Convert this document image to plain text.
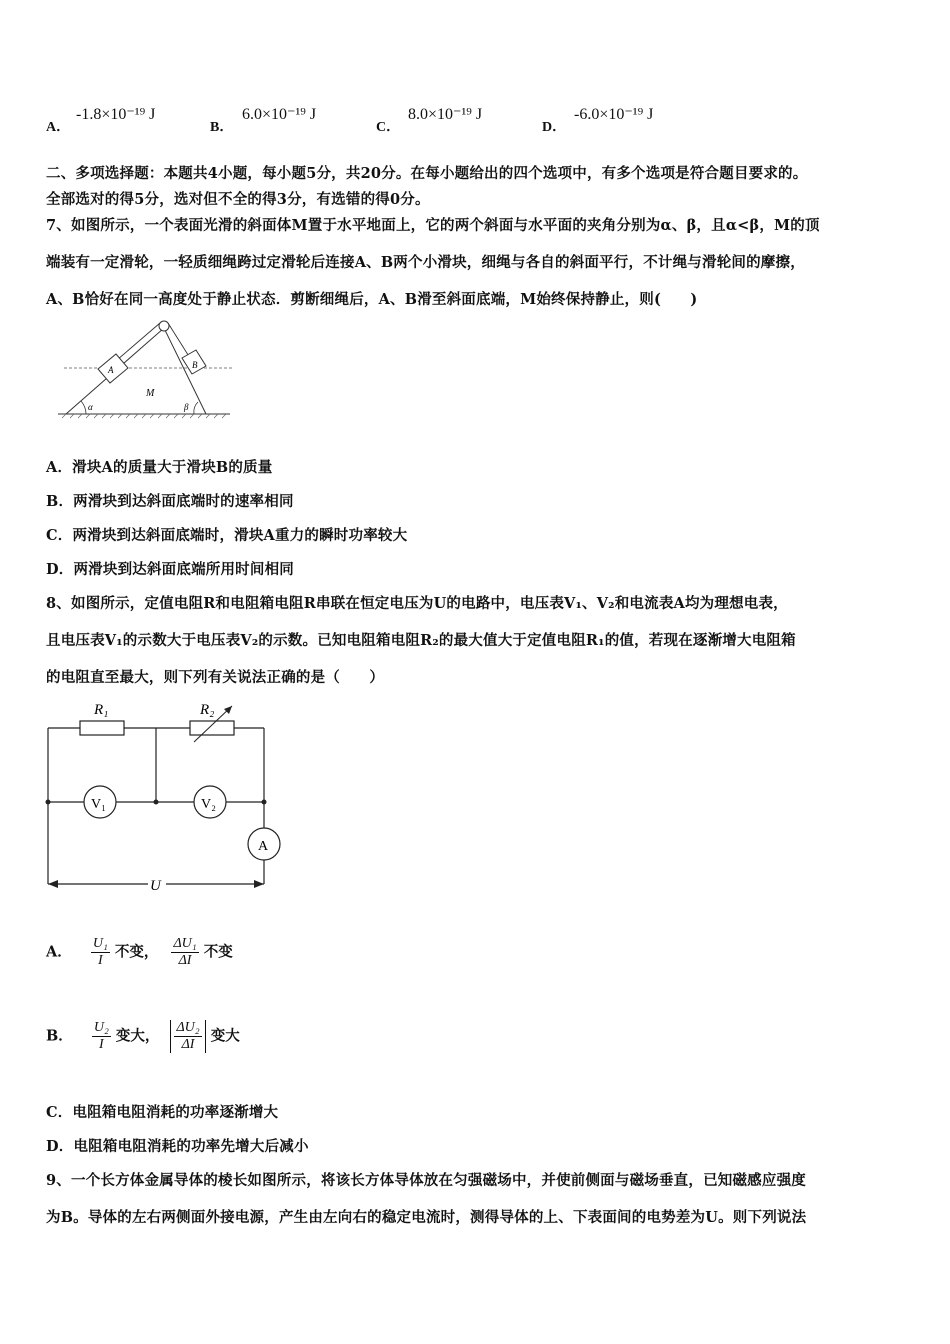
A．
-1.8×10⁻¹⁹ J
B．
6.0×10⁻¹⁹ J
C．
8.0×10⁻¹⁹ J
D．
-6.0×10⁻¹⁹ J
二、多项选择题：本题共4小题，每小题5分，共20分。在每小题给出的四个选项中，有多个选项是符合题目要求的。
全部选对的得5分，选对但不全的得3分，有选错的得0分。
7、如图所示，一个表面光滑的斜面体M置于水平地面上，它的两个斜面与水平面的夹角分别为α、β，且α<β，M的顶
端装有一定滑轮，一轻质细绳跨过定滑轮后连接A、B两个小滑块，细绳与各自的斜面平行，不计绳与滑轮间的摩擦，
A、B恰好在同一高度处于静止状态．剪断细绳后，A、B滑至斜面底端，M始终保持静止，则(　　)
A	B
M
α	β
A．滑块A的质量大于滑块B的质量
B．两滑块到达斜面底端时的速率相同
C．两滑块到达斜面底端时，滑块A重力的瞬时功率较大
D．两滑块到达斜面底端所用时间相同
8、如图所示，定值电阻R和电阻箱电阻R串联在恒定电压为U的电路中，电压表V₁、V₂和电流表A均为理想电表，
且电压表V₁的示数大于电压表V₂的示数。已知电阻箱电阻R₂的最大值大于定值电阻R₁的值，若现在逐渐增大电阻箱
的电阻直至最大，则下列有关说法正确的是（　　）
R₁	R₂
V₁	V₂
A
U
A． $\frac{\text{U₁}}{I}$ 不变， $\frac{\text{ΔU₁}}{\Delta I}$ 不变
B． $\frac{\text{U₂}}{I}$ 变大， $\frac{\text{ΔU₂}}{\Delta I}$ 变大
C．电阻箱电阻消耗的功率逐渐增大
D．电阻箱电阻消耗的功率先增大后减小
9、一个长方体金属导体的棱长如图所示，将该长方体导体放在匀强磁场中，并使前侧面与磁场垂直，已知磁感应强度
为B。导体的左右两侧面外接电源，产生由左向右的稳定电流时，测得导体的上、下表面间的电势差为U。则下列说法
